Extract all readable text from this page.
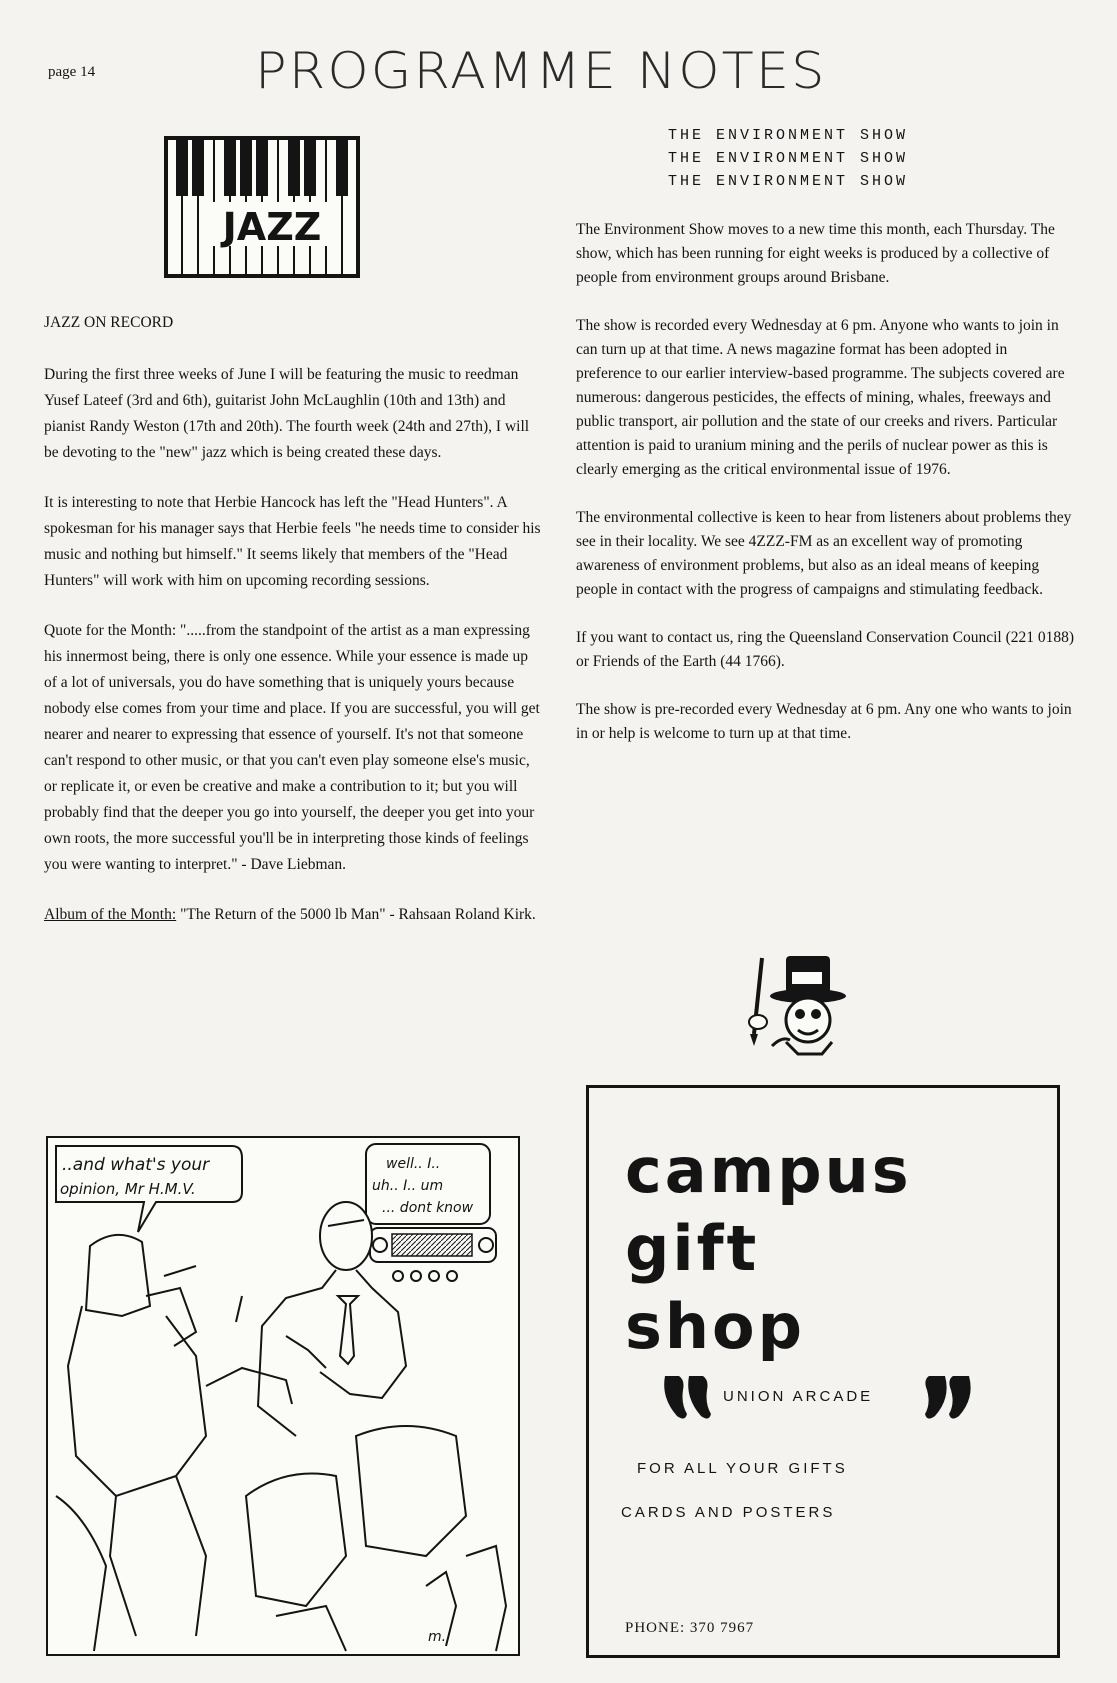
page 14	PROGRAMME NOTES
JAZZ

JAZZ ON RECORD

During the first three weeks of June I will be featuring the music to reedman Yusef Lateef (3rd and 6th), guitarist John McLaughlin (10th and 13th) and pianist Randy Weston (17th and 20th). The fourth week (24th and 27th), I will be devoting to the "new" jazz which is being created these days.

It is interesting to note that Herbie Hancock has left the "Head Hunters". A spokesman for his manager says that Herbie feels "he needs time to consider his music and nothing but himself." It seems likely that members of the "Head Hunters" will work with him on upcoming recording sessions.

Quote for the Month: ".....from the standpoint of the artist as a man expressing his innermost being, there is only one essence. While your essence is made up of a lot of universals, you do have something that is uniquely yours because nobody else comes from your time and place. If you are successful, you will get nearer and nearer to expressing that essence of yourself. It's not that someone can't respond to other music, or that you can't even play someone else's music, or replicate it, or even be creative and make a contribution to it; but you will probably find that the deeper you go into yourself, the deeper you get into your own roots, the more successful you'll be in interpreting those kinds of feelings you were wanting to interpret." - Dave Liebman.

Album of the Month: "The Return of the 5000 lb Man" - Rahsaan Roland Kirk.

THE ENVIRONMENT SHOW
THE ENVIRONMENT SHOW
THE ENVIRONMENT SHOW

The Environment Show moves to a new time this month, each Thursday. The show, which has been running for eight weeks is produced by a collective of people from environment groups around Brisbane.

The show is recorded every Wednesday at 6 pm. Anyone who wants to join in can turn up at that time. A news magazine format has been adopted in preference to our earlier interview-based programme. The subjects covered are numerous: dangerous pesticides, the effects of mining, whales, freeways and public transport, air pollution and the state of our creeks and rivers. Particular attention is paid to uranium mining and the perils of nuclear power as this is clearly emerging as the critical environmental issue of 1976.

The environmental collective is keen to hear from listeners about problems they see in their locality. We see 4ZZZ-FM as an excellent way of promoting awareness of environment problems, but also as an ideal means of keeping people in contact with the progress of campaigns and stimulating feedback.

If you want to contact us, ring the Queensland Conservation Council (221 0188) or Friends of the Earth (44 1766).

The show is pre-recorded every Wednesday at 6 pm. Any one who wants to join in or help is welcome to turn up at that time.

..and what's your
opinion, Mr H.M.V.
well.. I..
uh.. I.. um
... dont know
m.
campus
gift
shop
UNION ARCADE
FOR ALL YOUR GIFTS
CARDS AND POSTERS
PHONE: 370 7967
